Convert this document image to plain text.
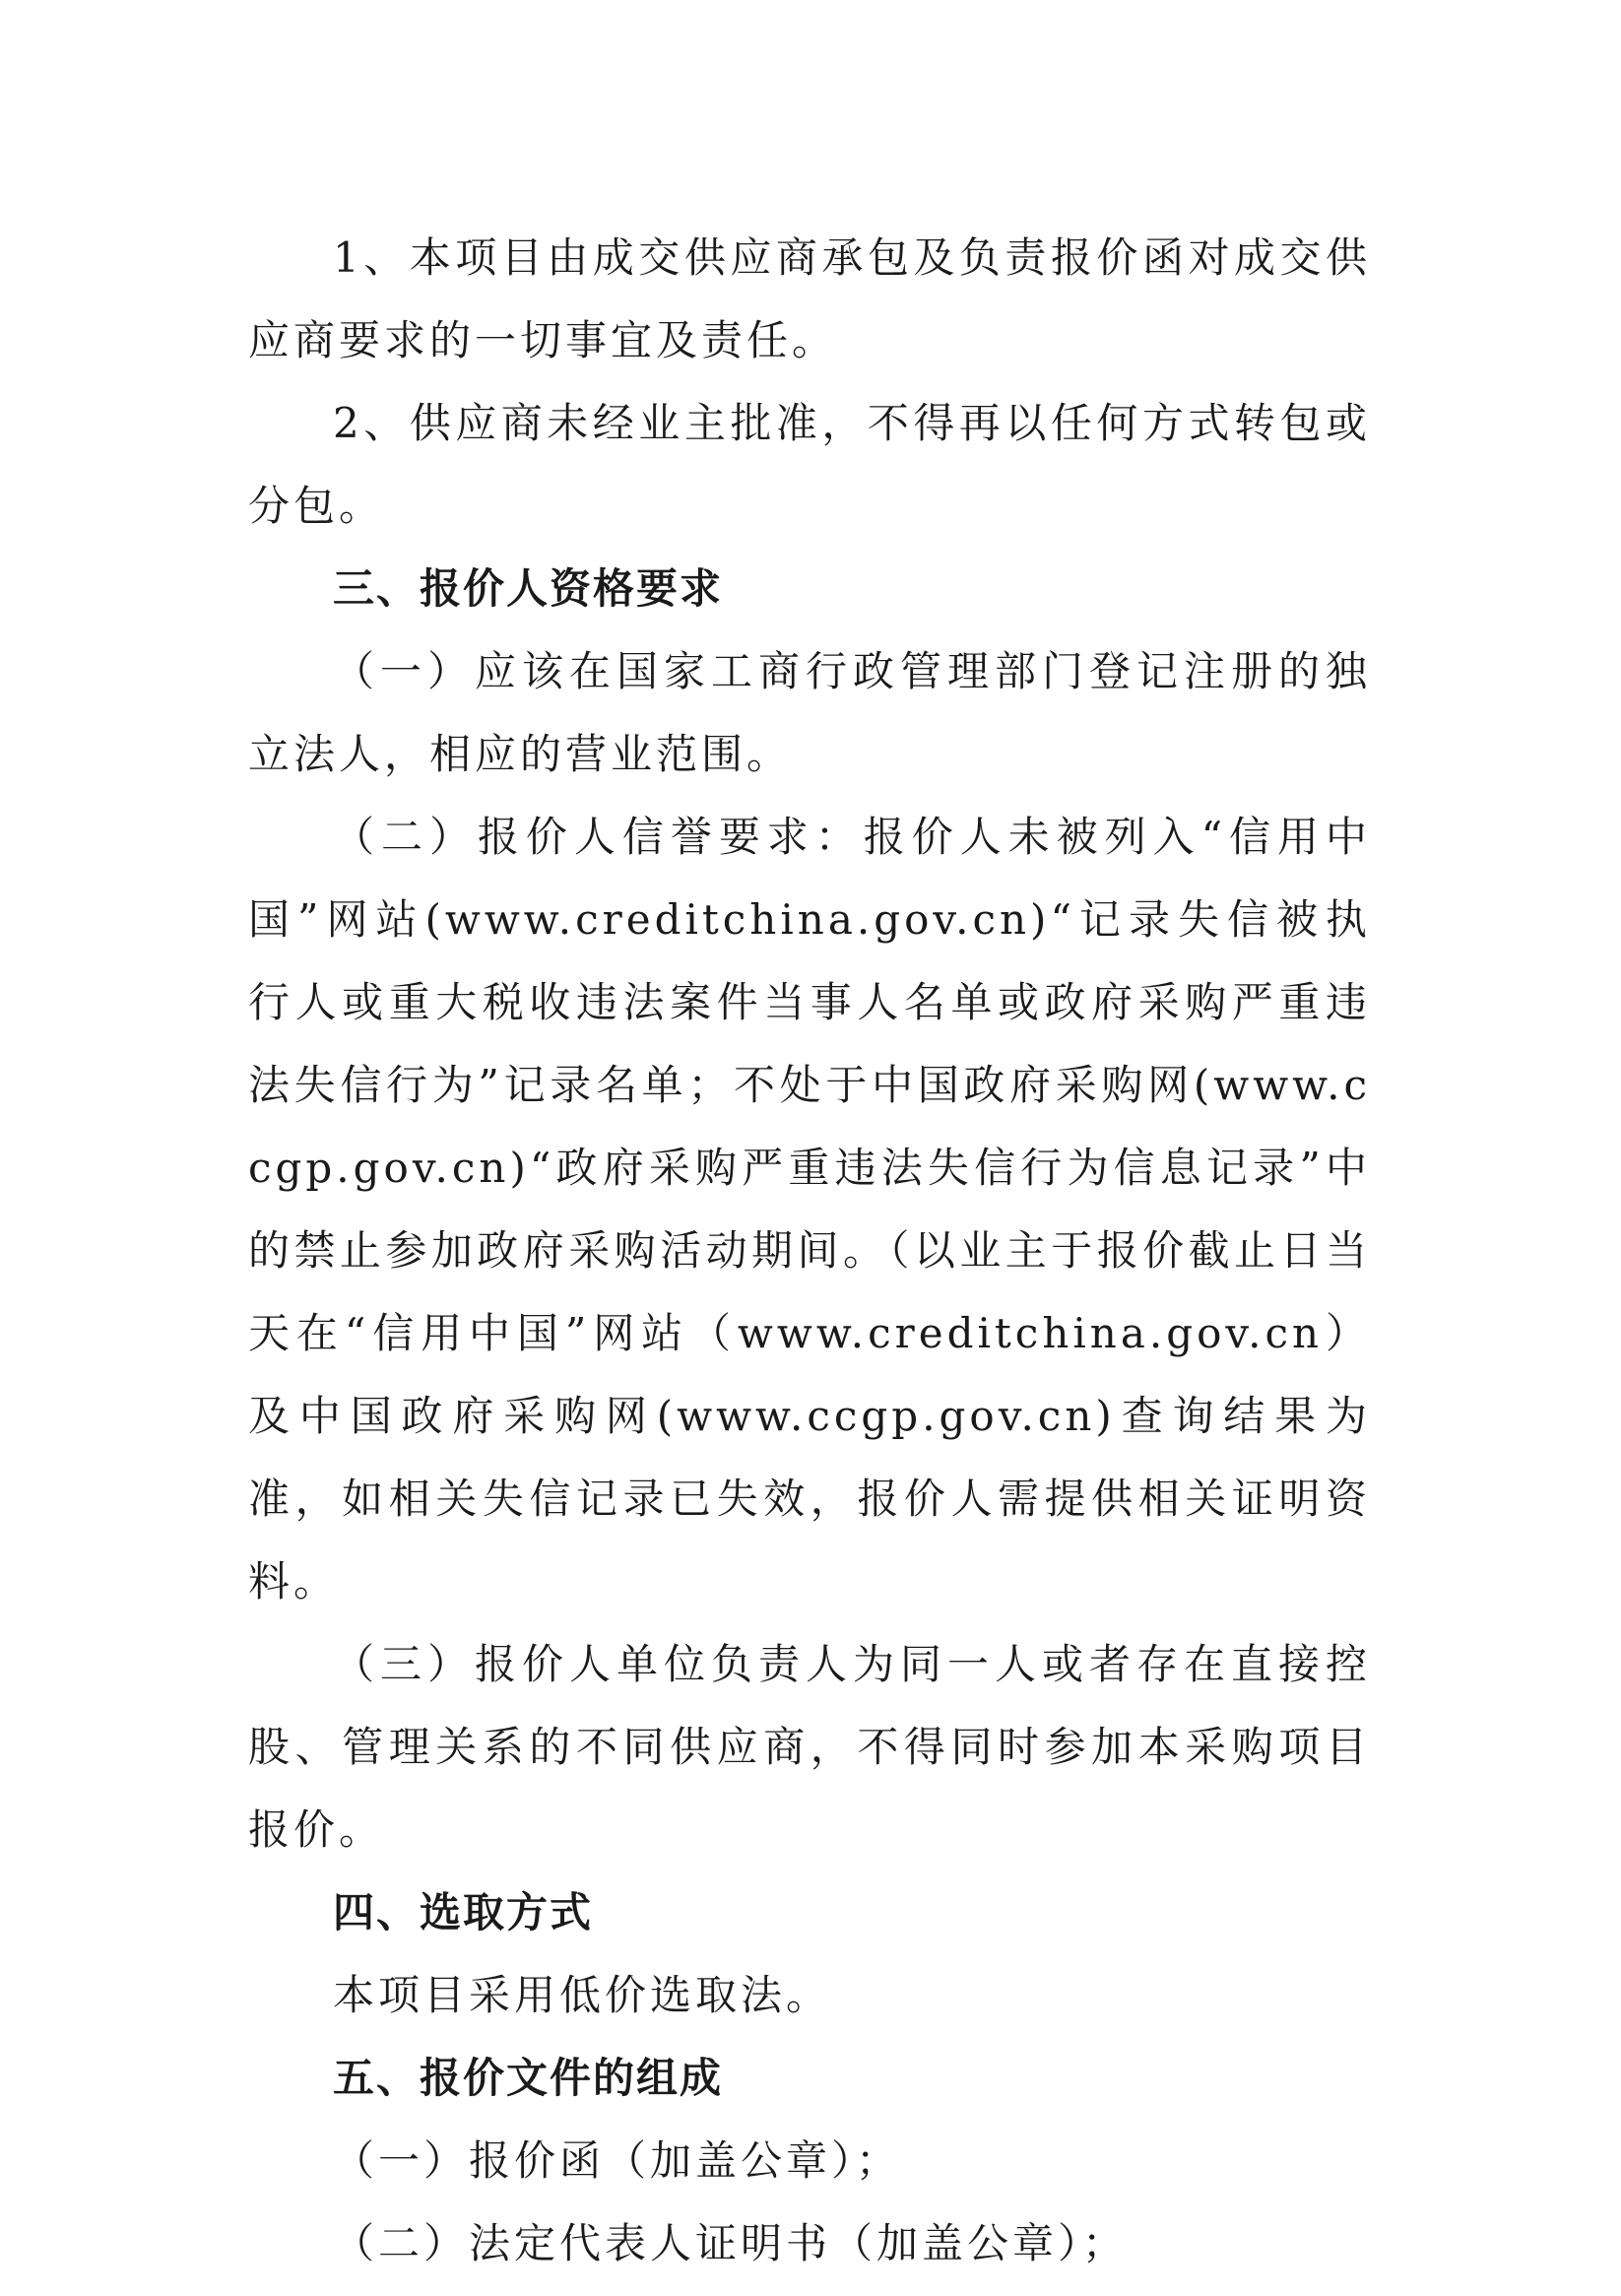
1、本项目由成交供应商承包及负责报价函对成交供应商要求的一切事宜及责任。

2、供应商未经业主批准，不得再以任何方式转包或分包。

三、报价人资格要求

（一）应该在国家工商行政管理部门登记注册的独立法人，相应的营业范围。

（二）报价人信誉要求：报价人未被列入“信用中国”网站(www.creditchina.gov.cn)“记录失信被执行人或重大税收违法案件当事人名单或政府采购严重违法失信行为”记录名单；不处于中国政府采购网(www.ccgp.gov.cn)“政府采购严重违法失信行为信息记录”中的禁止参加政府采购活动期间。（以业主于报价截止日当天在“信用中国”网站（www.creditchina.gov.cn）及中国政府采购网(www.ccgp.gov.cn)查询结果为准，如相关失信记录已失效，报价人需提供相关证明资料。

（三）报价人单位负责人为同一人或者存在直接控股、管理关系的不同供应商，不得同时参加本采购项目报价。

四、选取方式

本项目采用低价选取法。

五、报价文件的组成

（一）报价函（加盖公章）；

（二）法定代表人证明书（加盖公章）；
